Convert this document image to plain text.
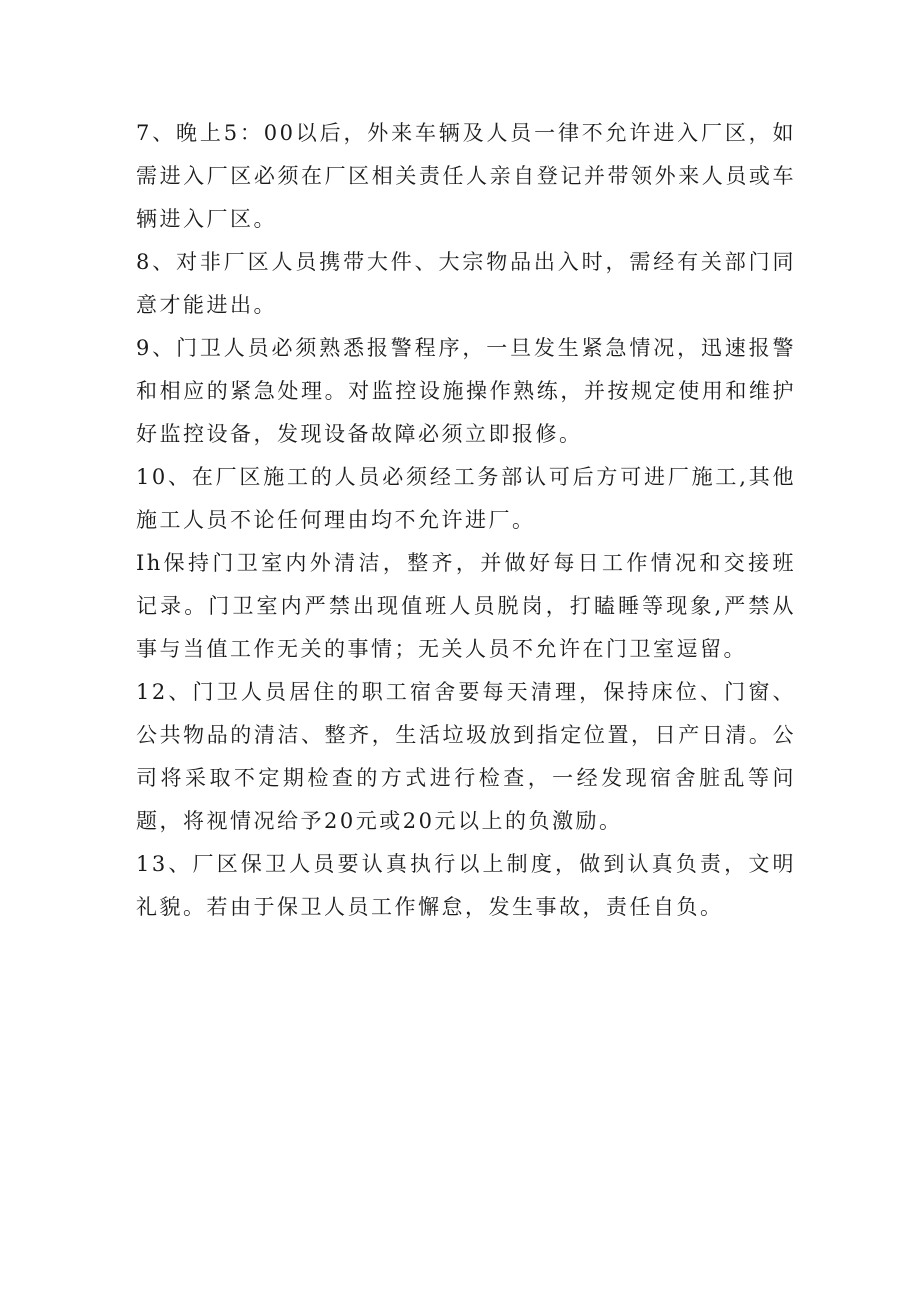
7、晚上5：00以后，外来车辆及人员一律不允许进入厂区，如需进入厂区必须在厂区相关责任人亲自登记并带领外来人员或车辆进入厂区。

8、对非厂区人员携带大件、大宗物品出入时，需经有关部门同意才能进出。

9、门卫人员必须熟悉报警程序，一旦发生紧急情况，迅速报警和相应的紧急处理。对监控设施操作熟练，并按规定使用和维护好监控设备，发现设备故障必须立即报修。

10、在厂区施工的人员必须经工务部认可后方可进厂施工,其他施工人员不论任何理由均不允许进厂。

Ih保持门卫室内外清洁，整齐，并做好每日工作情况和交接班记录。门卫室内严禁出现值班人员脱岗，打瞌睡等现象,严禁从事与当值工作无关的事情；无关人员不允许在门卫室逗留。

12、门卫人员居住的职工宿舍要每天清理，保持床位、门窗、公共物品的清洁、整齐，生活垃圾放到指定位置，日产日清。公司将采取不定期检查的方式进行检查，一经发现宿舍脏乱等问题，将视情况给予20元或20元以上的负激励。

13、厂区保卫人员要认真执行以上制度，做到认真负责，文明礼貌。若由于保卫人员工作懈怠，发生事故，责任自负。
